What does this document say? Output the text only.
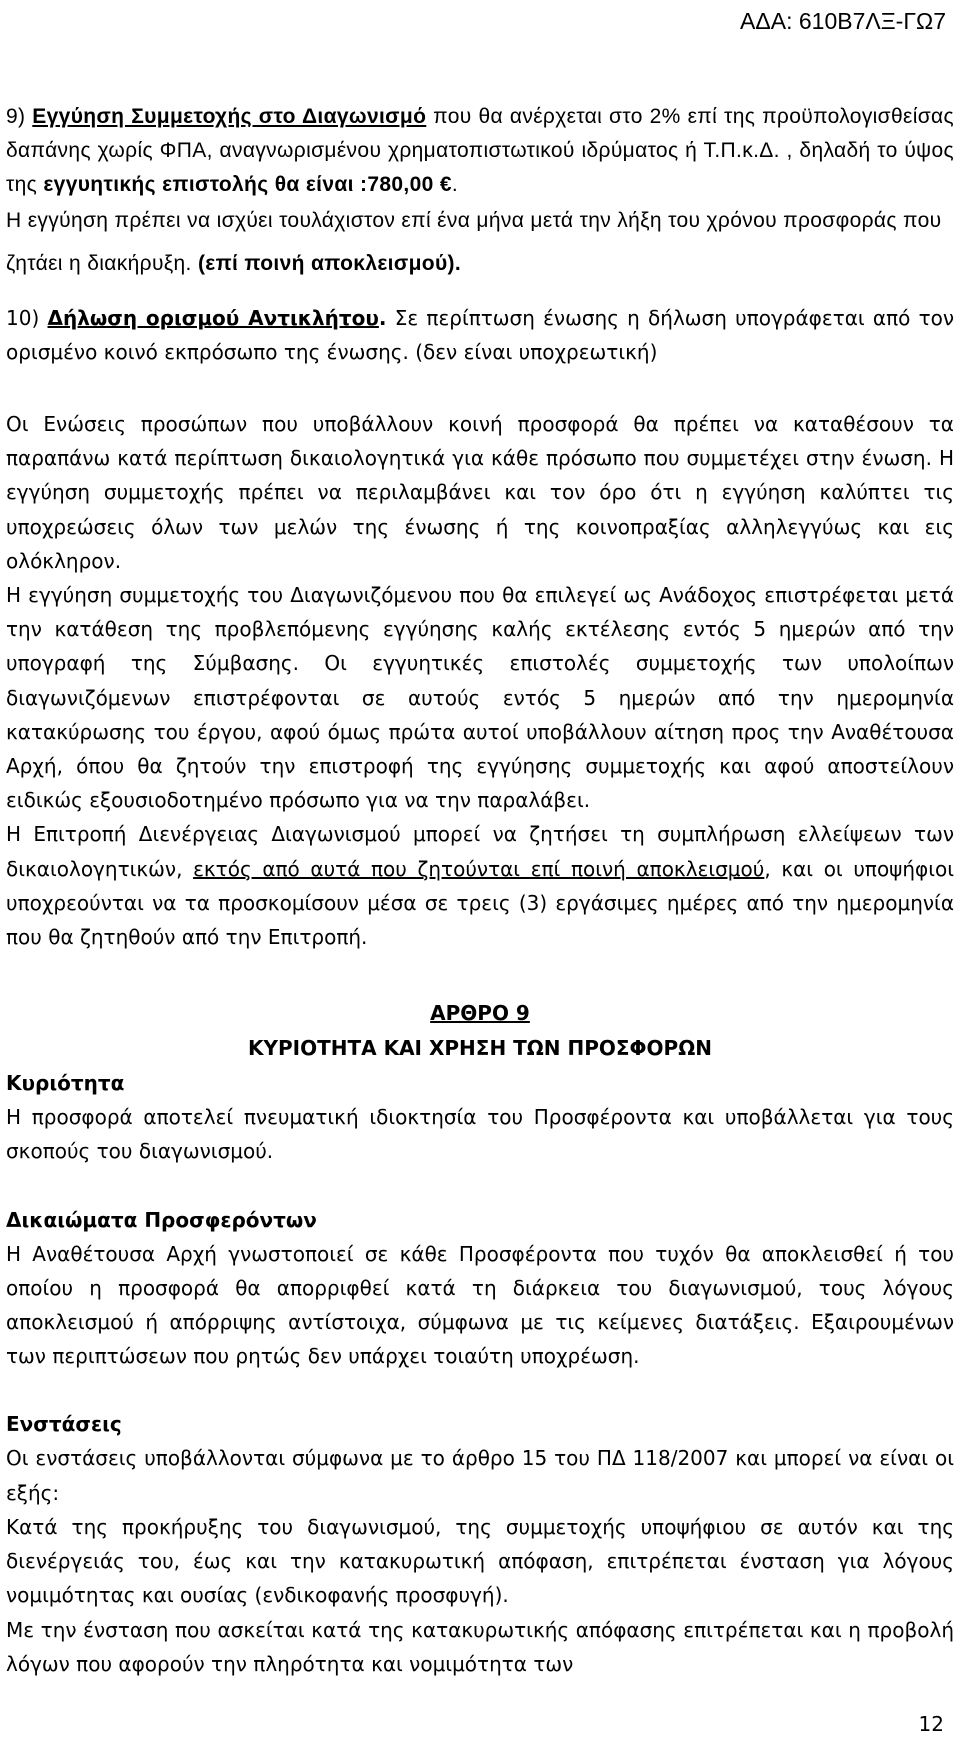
ΑΔΑ: 610Β7ΛΞ-ΓΩ7

9) Εγγύηση Συμμετοχής στο Διαγωνισμό που θα ανέρχεται στο 2% επί της προϋπολογισθείσας δαπάνης χωρίς ΦΠΑ, αναγνωρισμένου χρηματοπιστωτικού ιδρύματος ή Τ.Π.κ.Δ. , δηλαδή το ύψος της εγγυητικής επιστολής θα είναι :780,00 €.

Η εγγύηση πρέπει να ισχύει τουλάχιστον επί ένα μήνα μετά την λήξη του χρόνου προσφοράς που ζητάει η διακήρυξη. (επί ποινή αποκλεισμού).

10) Δήλωση ορισμού Αντικλήτου. Σε περίπτωση ένωσης η δήλωση υπογράφεται από τον ορισμένο κοινό εκπρόσωπο της ένωσης. (δεν είναι υποχρεωτική)

Οι Ενώσεις προσώπων που υποβάλλουν κοινή προσφορά θα πρέπει να καταθέσουν τα παραπάνω κατά περίπτωση δικαιολογητικά για κάθε πρόσωπο που συμμετέχει στην ένωση. Η εγγύηση συμμετοχής πρέπει να περιλαμβάνει και τον όρο ότι η εγγύηση καλύπτει τις υποχρεώσεις όλων των μελών της ένωσης ή της κοινοπραξίας αλληλεγγύως και εις ολόκληρον.

Η εγγύηση συμμετοχής του Διαγωνιζόμενου που θα επιλεγεί ως Ανάδοχος επιστρέφεται μετά την κατάθεση της προβλεπόμενης εγγύησης καλής εκτέλεσης εντός 5 ημερών από την υπογραφή της Σύμβασης. Οι εγγυητικές επιστολές συμμετοχής των υπολοίπων διαγωνιζόμενων επιστρέφονται σε αυτούς εντός 5 ημερών από την ημερομηνία κατακύρωσης του έργου, αφού όμως πρώτα αυτοί υποβάλλουν αίτηση προς την Αναθέτουσα Αρχή, όπου θα ζητούν την επιστροφή της εγγύησης συμμετοχής και αφού αποστείλουν ειδικώς εξουσιοδοτημένο πρόσωπο για να την παραλάβει.

Η Επιτροπή Διενέργειας Διαγωνισμού μπορεί να ζητήσει τη συμπλήρωση ελλείψεων των δικαιολογητικών, εκτός από αυτά που ζητούνται επί ποινή αποκλεισμού, και οι υποψήφιοι υποχρεούνται να τα προσκομίσουν μέσα σε τρεις (3) εργάσιμες ημέρες από την ημερομηνία που θα ζητηθούν από την Επιτροπή.

ΑΡΘΡΟ 9

ΚΥΡΙΟΤΗΤΑ ΚΑΙ ΧΡΗΣΗ ΤΩΝ ΠΡΟΣΦΟΡΩΝ

Κυριότητα

Η προσφορά αποτελεί πνευματική ιδιοκτησία του Προσφέροντα και υποβάλλεται για τους σκοπούς του διαγωνισμού.

Δικαιώματα Προσφερόντων

Η Αναθέτουσα Αρχή γνωστοποιεί σε κάθε Προσφέροντα που τυχόν θα αποκλεισθεί ή του οποίου η προσφορά θα απορριφθεί κατά τη διάρκεια του διαγωνισμού, τους λόγους αποκλεισμού ή απόρριψης αντίστοιχα, σύμφωνα με τις κείμενες διατάξεις. Εξαιρουμένων των περιπτώσεων που ρητώς δεν υπάρχει τοιαύτη υποχρέωση.

Ενστάσεις

Οι ενστάσεις υποβάλλονται σύμφωνα με το άρθρο 15 του ΠΔ 118/2007 και μπορεί να είναι οι εξής:

Κατά της προκήρυξης του διαγωνισμού, της συμμετοχής υποψήφιου σε αυτόν και της διενέργειάς του, έως και την κατακυρωτική απόφαση, επιτρέπεται ένσταση για λόγους νομιμότητας και ουσίας (ενδικοφανής προσφυγή).

Με την ένσταση που ασκείται κατά της κατακυρωτικής απόφασης επιτρέπεται και η προβολή λόγων που αφορούν την πληρότητα και νομιμότητα των

12
